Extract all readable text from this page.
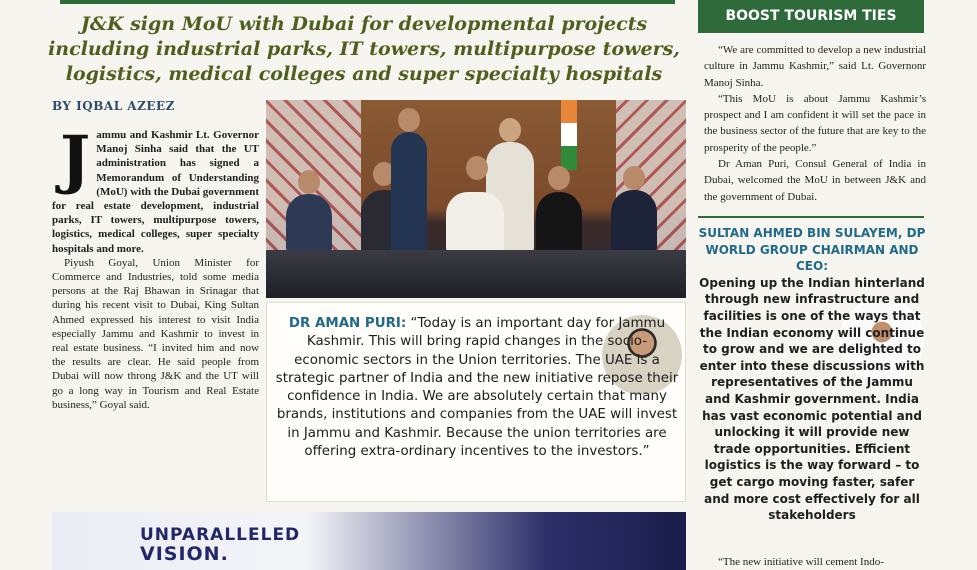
J&K sign MoU with Dubai for developmental projects including industrial parks, IT towers, multipurpose towers, logistics, medical colleges and super specialty hospitals
BY IQBAL AZEEZ
J ammu and Kashmir Lt. Governor Manoj Sinha said that the UT administration has signed a Memorandum of Understanding (MoU) with the Dubai government for real estate development, industrial parks, IT towers, multipurpose towers, logistics, medical colleges, super specialty hospitals and more.

Piyush Goyal, Union Minister for Commerce and Industries, told some media persons at the Raj Bhawan in Srinagar that during his recent visit to Dubai, King Sultan Ahmed expressed his interest to visit India especially Jammu and Kashmir to invest in real estate business. “I invited him and now the results are clear. He said people from Dubai will now throng J&K and the UT will go a long way in Tourism and Real Estate business,” Goyal said.

DR AMAN PURI: “Today is an important day for Jammu Kashmir. This will bring rapid changes in the socio-economic sectors in the Union territories. The UAE is a strategic partner of India and the new initiative repose their confidence in India. We are absolutely certain that many brands, institutions and companies from the UAE will invest in Jammu and Kashmir. Because the union territories are offering extra-ordinary incentives to the investors.”
UNPARALLELED
VISION.
BOOST TOURISM TIES

“We are committed to develop a new industrial culture in Jammu Kashmir,” said Lt. Governonr Manoj Sinha.

“This MoU is about Jammu Kashmir’s prospect and I am confident it will set the pace in the business sector of the future that are key to the prosperity of the people.”

Dr Aman Puri, Consul General of India in Dubai, welcomed the MoU in between J&K and the government of Dubai.

SULTAN AHMED BIN SULAYEM, DP WORLD GROUP CHAIRMAN AND CEO:
Opening up the Indian hinterland through new infrastructure and facilities is one of the ways that the Indian economy will continue to grow and we are delighted to enter into these discussions with representatives of the Jammu and Kashmir government. India has vast economic potential and unlocking it will provide new trade opportunities. Efficient logistics is the way forward – to get cargo moving faster, safer and more cost effectively for all stakeholders
“The new initiative will cement Indo-
